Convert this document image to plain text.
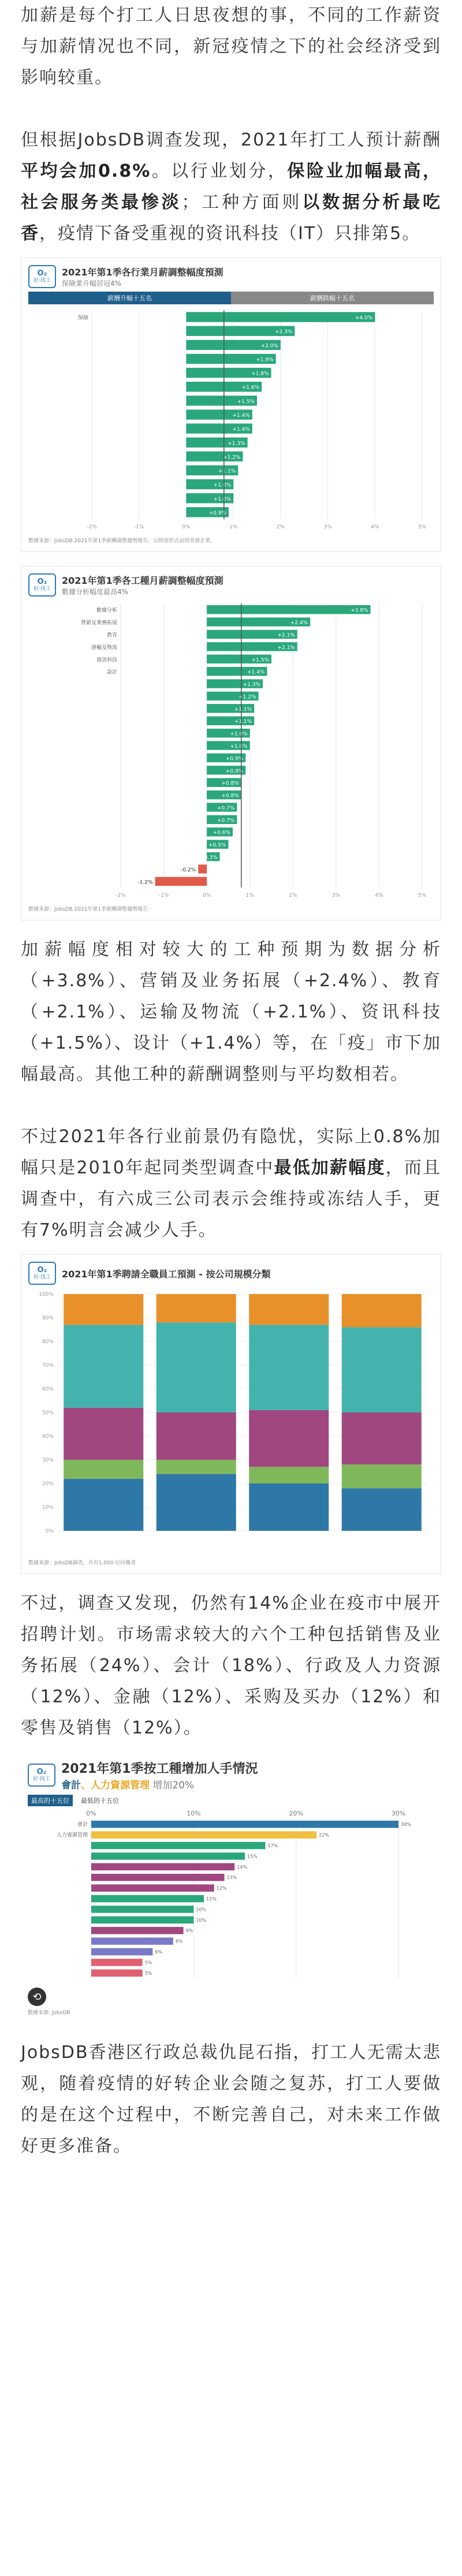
加薪是每个打工人日思夜想的事，不同的工作薪资与加薪情况也不同，新冠疫情之下的社会经济受到影响较重。

但根据JobsDB调查发现，2021年打工人预计薪酬平均会加0.8%。以行业划分，保险业加幅最高，社会服务类最惨淡；工种方面则以数据分析最吃香，疫情下备受重视的资讯科技（IT）只排第5。

O₂
好·找工
2021年第1季各行業月薪調整幅度預測
保險業升幅居冠4%
薪酬升幅十五名	薪酬跌幅十五名
-2%	-1%	0%	1%	2%	3%	4%	5%
+4.0%
保險
+2.3%
+2.0%
+1.9%
+1.8%
+1.6%
+1.5%
+1.4%
+1.4%
+1.3%
+1.2%
+1.1%
+1.0%
+1.0%
+0.9%
數據來源：JobsDB 2021年第1季薪酬調整趨勢報告，以問卷形式訪問香港企業。
O₂
好·找工
2021年第1季各工種月薪調整幅度預測
數據分析幅度最高4%
-2%	-1%	0%	1%	2%	3%	4%	5%
+3.8%
數據分析
+2.4%
營銷及業務拓展
+2.1%
教育
+2.1%
運輸及物流
+1.5%
資訊科技
+1.4%
設計
+1.3%
+1.2%
+1.1%
+1.1%
+1.0%
+1.0%
+0.9%
+0.9%
+0.8%
+0.8%
+0.7%
+0.7%
+0.6%
+0.5%
+0.3%
-0.2%
-1.2%
數據來源：JobsDB 2021年第1季薪酬調整趨勢報告

加薪幅度相对较大的工种预期为数据分析（+3.8%）、营销及业务拓展（+2.4%）、教育（+2.1%）、运输及物流（+2.1%）、资讯科技（+1.5%）、设计（+1.4%）等，在「疫」市下加幅最高。其他工种的薪酬调整则与平均数相若。

不过2021年各行业前景仍有隐忧，实际上0.8%加幅只是2010年起同类型调查中最低加薪幅度，而且调查中，有六成三公司表示会维持或冻结人手，更有7%明言会减少人手。

O₂
好·找工 2021年第1季聘請全職員工預測 - 按公司規模分類
0%
10%
20%
30%
40%
50%
60%
70%
80%
90%
100%
數據來源：JobsDB調查，共有1,000 位回覆者

不过，调查又发现，仍然有14%企业在疫市中展开招聘计划。市场需求较大的六个工种包括销售及业务拓展（24%）、会计（18%）、行政及人力资源（12%）、金融（12%）、采购及买办（12%）和零售及销售（12%）。

O₂
好·找工
2021年第1季按工種增加人手情況
會計、人力資源管理 增加20%
最高的十五位	最低的十五位
0%	10%	20%	30%
30%
會計
22%
人力資源管理
17%
15%
14%
13%
12%
11%
10%
10%
9%
8%
6%
5%
5%
⟲
數據來源: JobsDB

JobsDB香港区行政总裁仇昆石指，打工人无需太悲观，随着疫情的好转企业会随之复苏，打工人要做的是在这个过程中，不断完善自己，对未来工作做好更多准备。
